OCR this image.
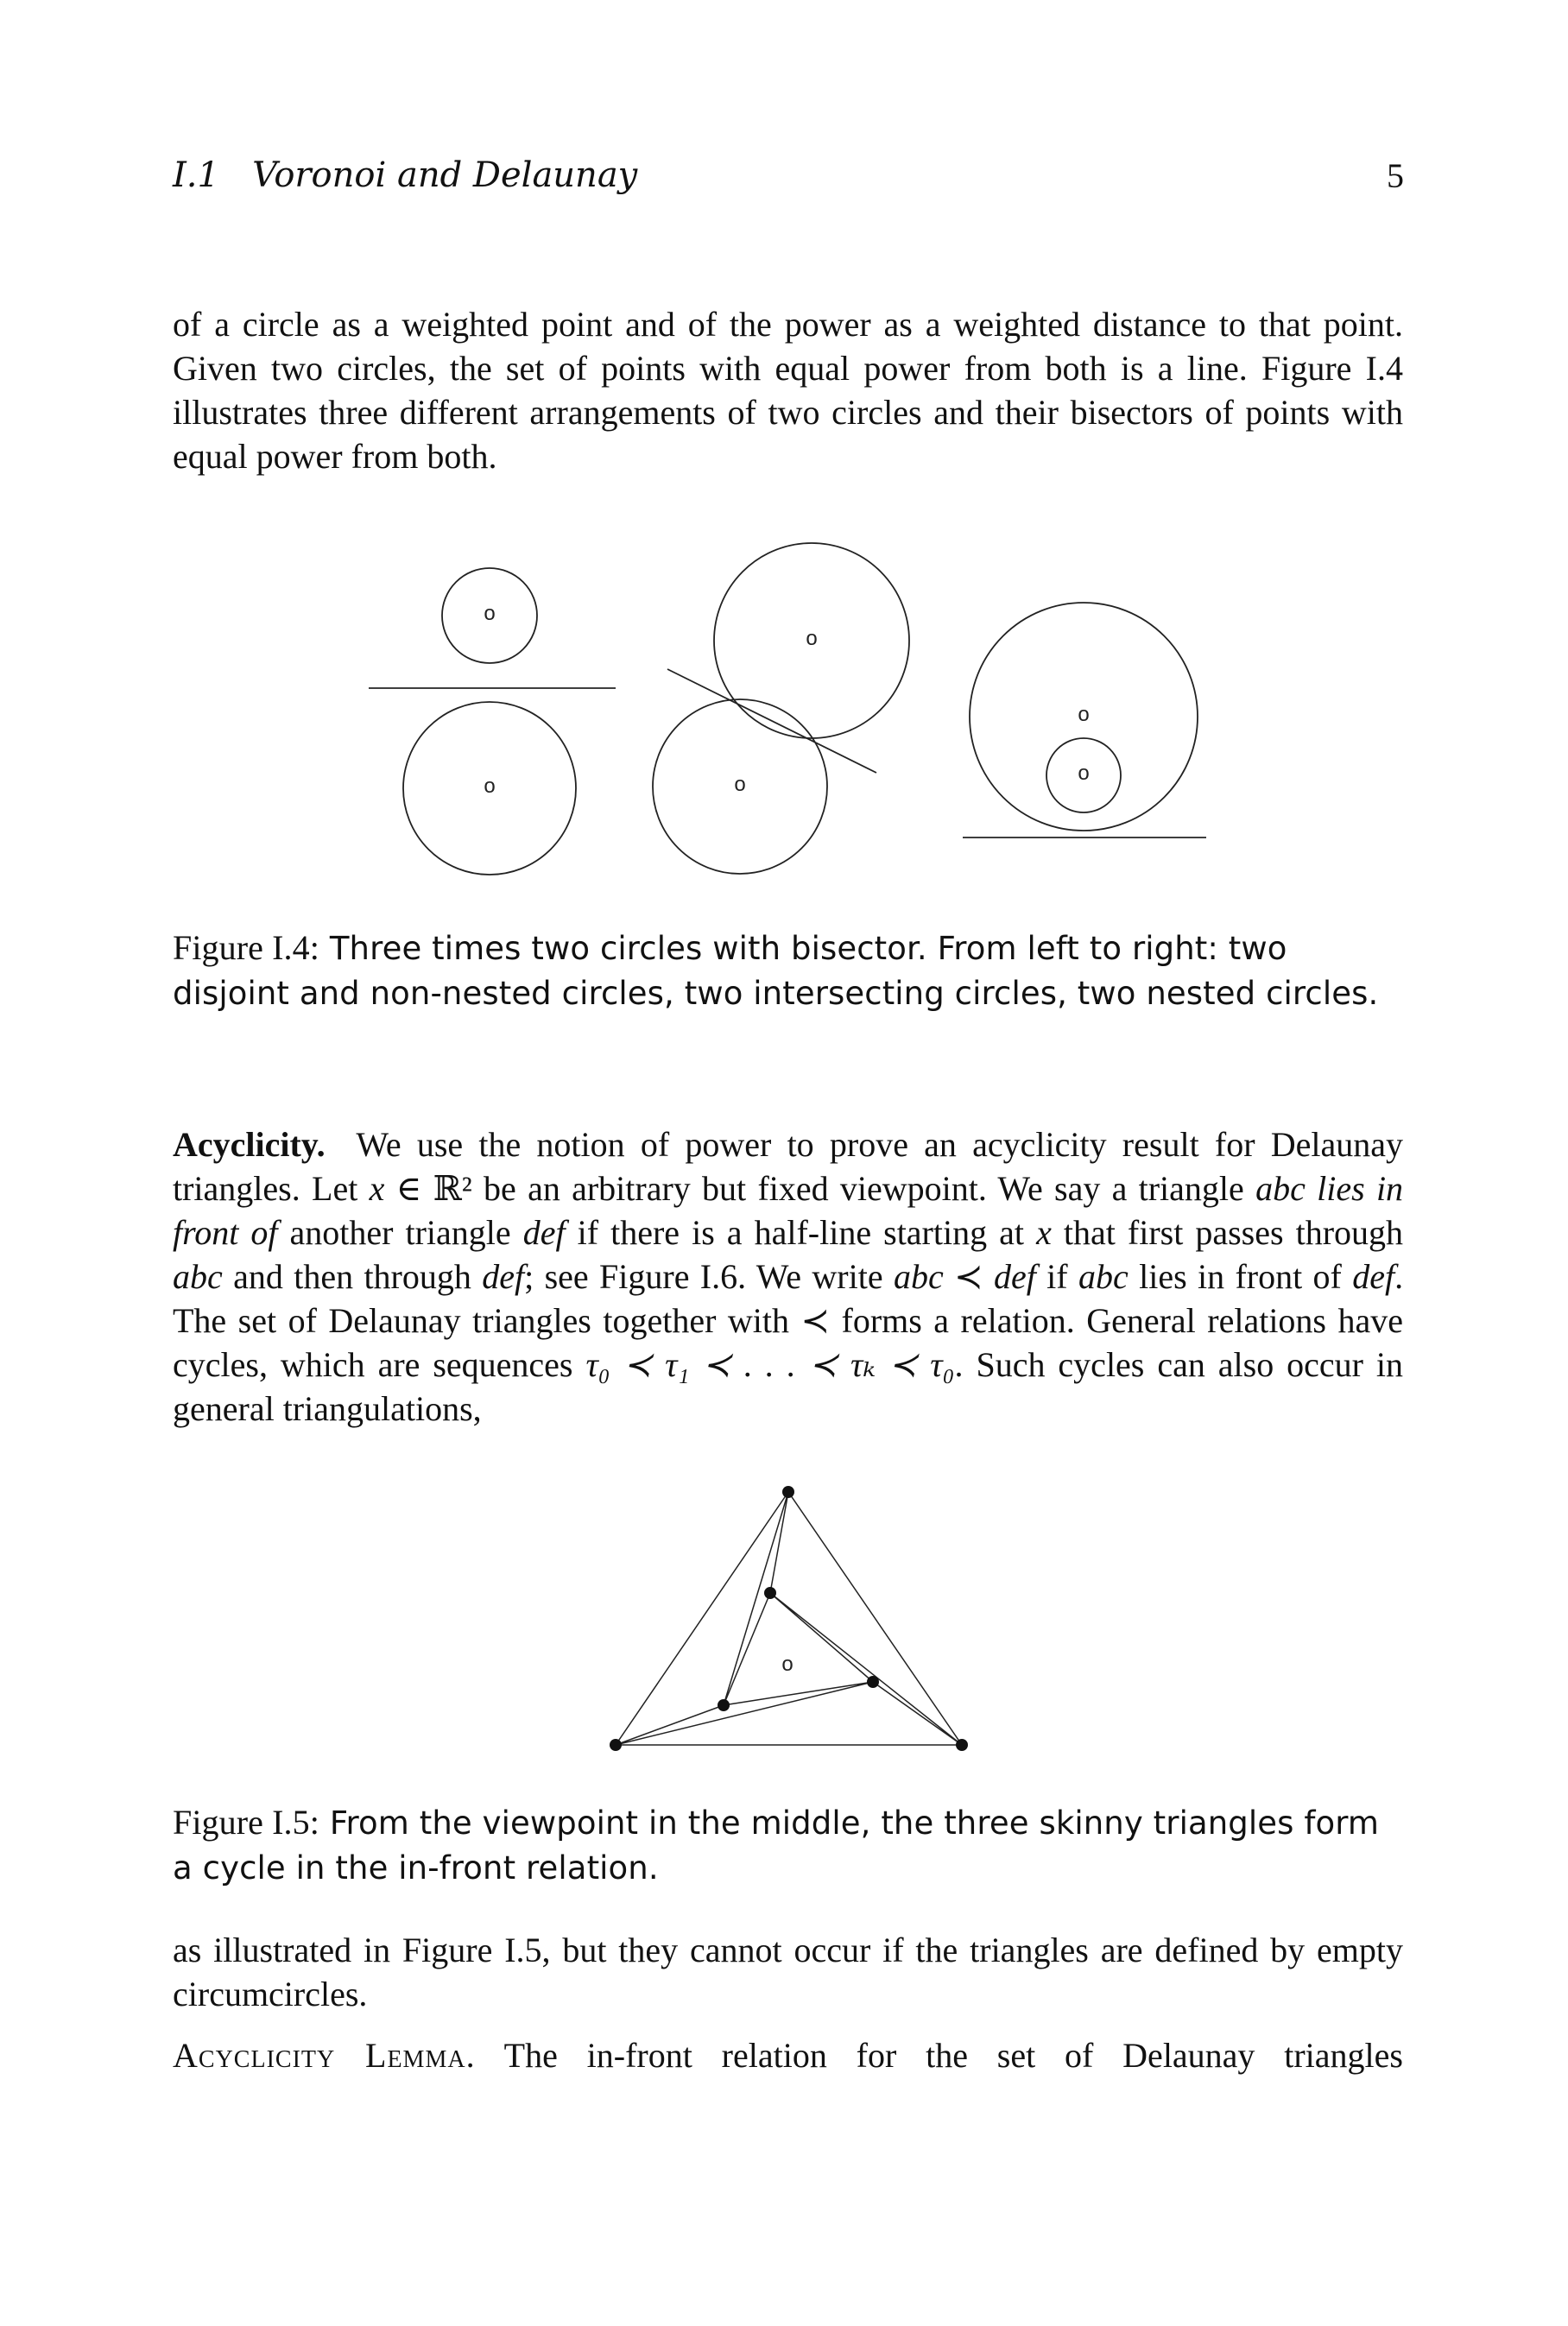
I.1 Voronoi and Delaunay	5
of a circle as a weighted point and of the power as a weighted distance to that point. Given two circles, the set of points with equal power from both is a line. Figure I.4 illustrates three different arrangements of two circles and their bisectors of points with equal power from both.
o
o
o
o
o
o
Figure I.4: Three times two circles with bisector. From left to right: two disjoint and non-nested circles, two intersecting circles, two nested circles.
Acyclicity. We use the notion of power to prove an acyclicity result for Delaunay triangles. Let x ∈ ℝ² be an arbitrary but fixed viewpoint. We say a triangle abc lies in front of another triangle def if there is a half-line starting at x that first passes through abc and then through def; see Figure I.6. We write abc ≺ def if abc lies in front of def. The set of Delaunay triangles together with ≺ forms a relation. General relations have cycles, which are sequences τ₀ ≺ τ₁ ≺ . . . ≺ τₖ ≺ τ₀. Such cycles can also occur in general triangulations,
o
Figure I.5: From the viewpoint in the middle, the three skinny triangles form a cycle in the in-front relation.
as illustrated in Figure I.5, but they cannot occur if the triangles are defined by empty circumcircles.
Acyclicity Lemma. The in-front relation for the set of Delaunay triangles
